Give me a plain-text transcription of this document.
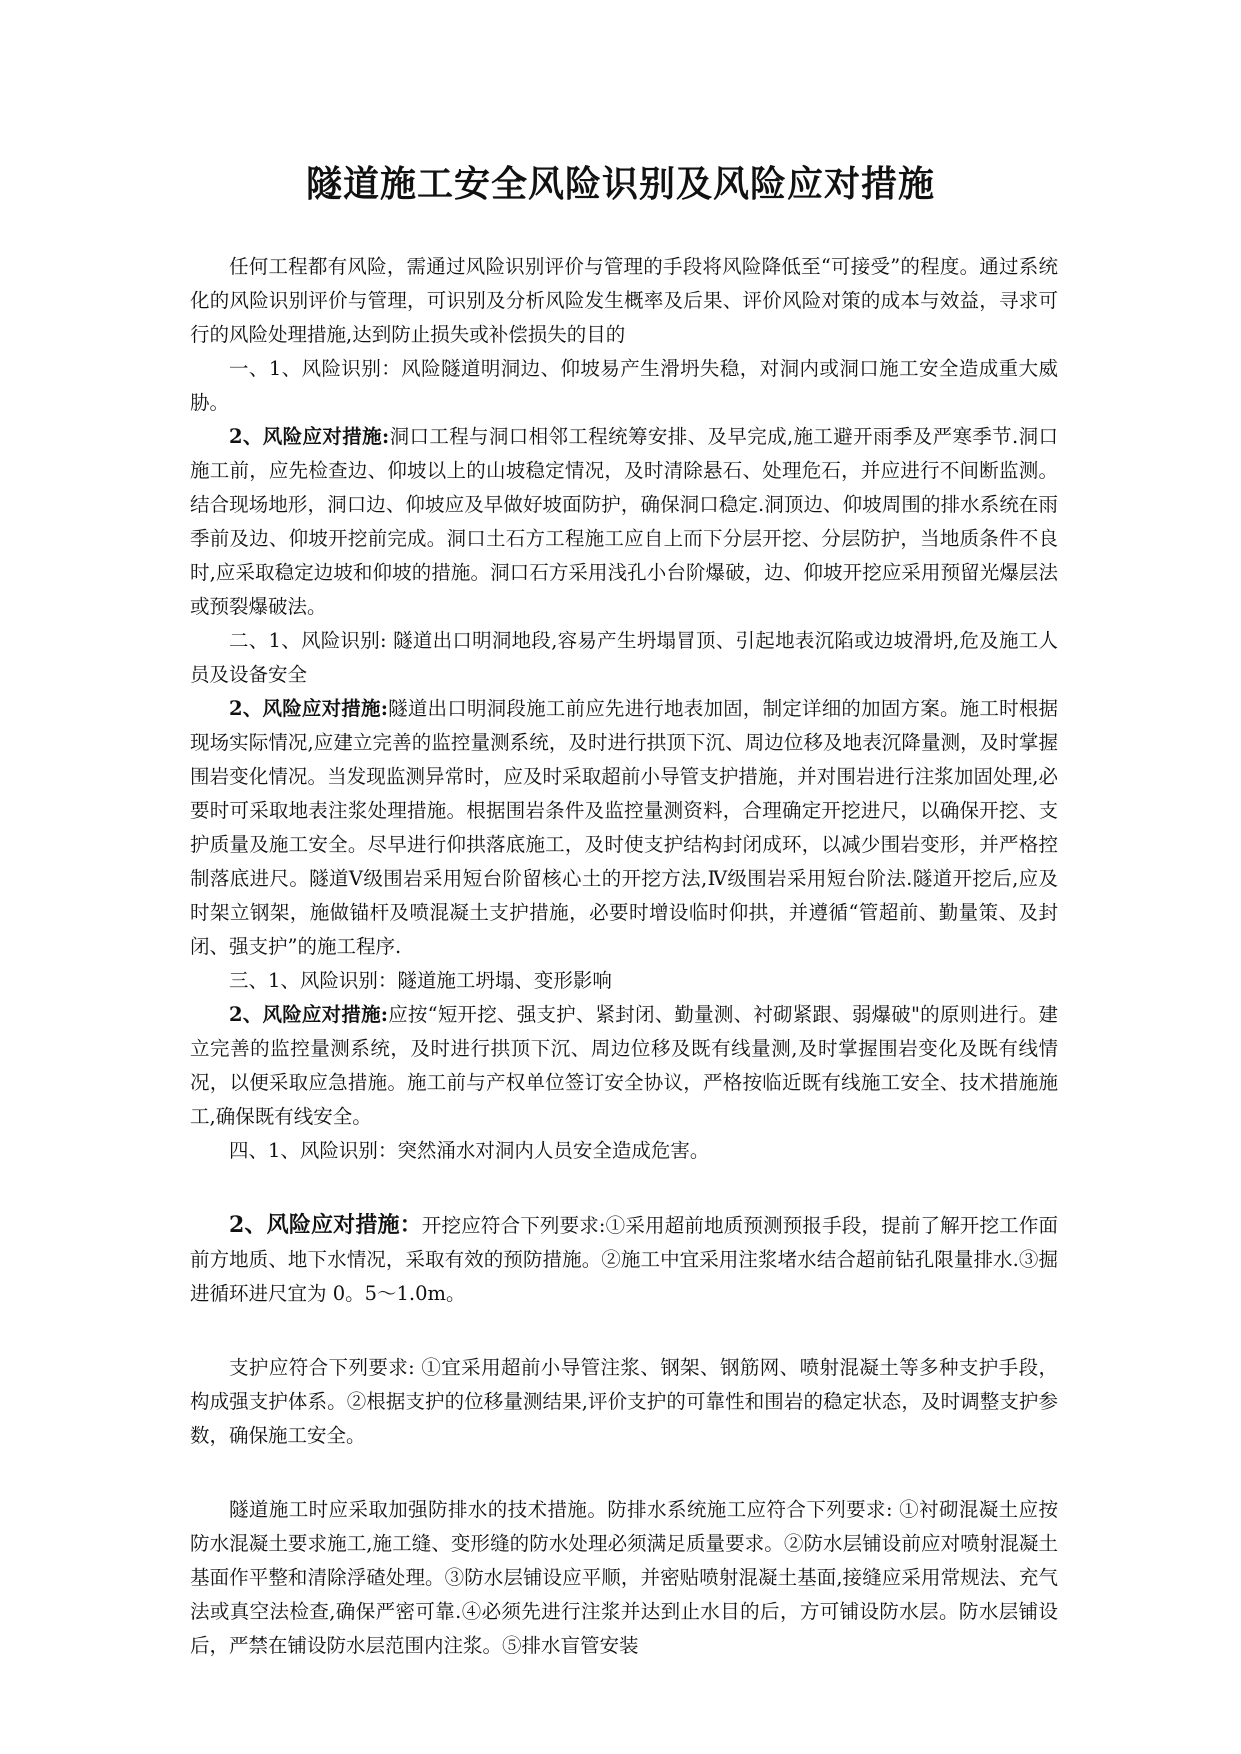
隧道施工安全风险识别及风险应对措施

任何工程都有风险，需通过风险识别评价与管理的手段将风险降低至“可接受”的程度。通过系统化的风险识别评价与管理，可识别及分析风险发生概率及后果、评价风险对策的成本与效益，寻求可行的风险处理措施,达到防止损失或补偿损失的目的

一、1、风险识别：风险隧道明洞边、仰坡易产生滑坍失稳，对洞内或洞口施工安全造成重大威胁。

2、风险应对措施:洞口工程与洞口相邻工程统筹安排、及早完成,施工避开雨季及严寒季节.洞口施工前，应先检查边、仰坡以上的山坡稳定情况，及时清除悬石、处理危石，并应进行不间断监测。结合现场地形，洞口边、仰坡应及早做好坡面防护，确保洞口稳定.洞顶边、仰坡周围的排水系统在雨季前及边、仰坡开挖前完成。洞口土石方工程施工应自上而下分层开挖、分层防护，当地质条件不良时,应采取稳定边坡和仰坡的措施。洞口石方采用浅孔小台阶爆破，边、仰坡开挖应采用预留光爆层法或预裂爆破法。

二、1、风险识别: 隧道出口明洞地段,容易产生坍塌冒顶、引起地表沉陷或边坡滑坍,危及施工人员及设备安全

2、风险应对措施:隧道出口明洞段施工前应先进行地表加固，制定详细的加固方案。施工时根据现场实际情况,应建立完善的监控量测系统，及时进行拱顶下沉、周边位移及地表沉降量测，及时掌握围岩变化情况。当发现监测异常时，应及时采取超前小导管支护措施，并对围岩进行注浆加固处理,必要时可采取地表注浆处理措施。根据围岩条件及监控量测资料，合理确定开挖进尺，以确保开挖、支护质量及施工安全。尽早进行仰拱落底施工，及时使支护结构封闭成环，以减少围岩变形，并严格控制落底进尺。隧道Ⅴ级围岩采用短台阶留核心土的开挖方法,Ⅳ级围岩采用短台阶法.隧道开挖后,应及时架立钢架，施做锚杆及喷混凝土支护措施，必要时增设临时仰拱，并遵循“管超前、勤量策、及封闭、强支护”的施工程序.

三、1、风险识别：隧道施工坍塌、变形影响

2、风险应对措施:应按“短开挖、强支护、紧封闭、勤量测、衬砌紧跟、弱爆破"的原则进行。建立完善的监控量测系统，及时进行拱顶下沉、周边位移及既有线量测,及时掌握围岩变化及既有线情况，以便采取应急措施。施工前与产权单位签订安全协议，严格按临近既有线施工安全、技术措施施工,确保既有线安全。

四、1、风险识别：突然涌水对洞内人员安全造成危害。

2、风险应对措施：开挖应符合下列要求:①采用超前地质预测预报手段，提前了解开挖工作面前方地质、地下水情况，采取有效的预防措施。②施工中宜采用注浆堵水结合超前钻孔限量排水.③掘进循环进尺宜为 0。5～1.0m。

支护应符合下列要求: ①宜采用超前小导管注浆、钢架、钢筋网、喷射混凝土等多种支护手段，构成强支护体系。②根据支护的位移量测结果,评价支护的可靠性和围岩的稳定状态，及时调整支护参数，确保施工安全。

隧道施工时应采取加强防排水的技术措施。防排水系统施工应符合下列要求: ①衬砌混凝土应按防水混凝土要求施工,施工缝、变形缝的防水处理必须满足质量要求。②防水层铺设前应对喷射混凝土基面作平整和清除浮碴处理。③防水层铺设应平顺，并密贴喷射混凝土基面,接缝应采用常规法、充气法或真空法检查,确保严密可靠.④必须先进行注浆并达到止水目的后，方可铺设防水层。防水层铺设后，严禁在铺设防水层范围内注浆。⑤排水盲管安装
